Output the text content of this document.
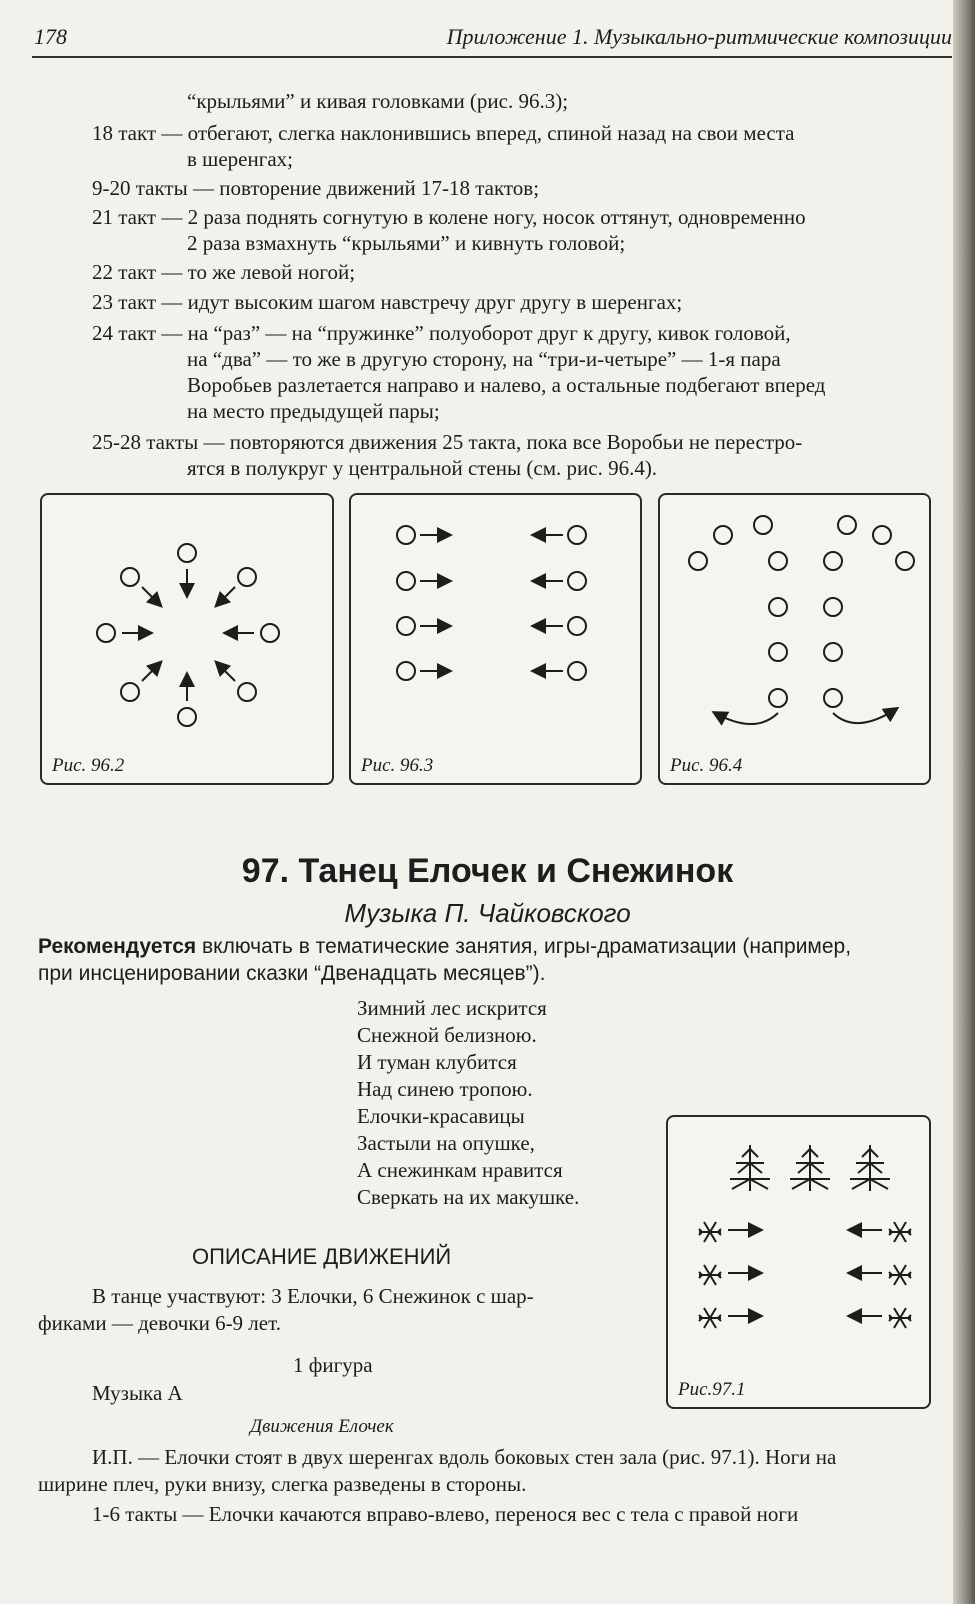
178	Приложение 1. Музыкально-ритмические композиции
“крыльями” и кивая головками (рис. 96.3);
18 такт — отбегают, слегка наклонившись вперед, спиной назад на свои места
в шеренгах;
9-20 такты — повторение движений 17-18 тактов;
21 такт — 2 раза поднять согнутую в колене ногу, носок оттянут, одновременно
2 раза взмахнуть “крыльями” и кивнуть головой;
22 такт — то же левой ногой;
23 такт — идут высоким шагом навстречу друг другу в шеренгах;
24 такт — на “раз” — на “пружинке” полуоборот друг к другу, кивок головой,
на “два” — то же в другую сторону, на “три-и-четыре” — 1-я пара
Воробьев разлетается направо и налево, а остальные подбегают вперед
на место предыдущей пары;
25-28 такты — повторяются движения 25 такта, пока все Воробьи не перестро-
ятся в полукруг у центральной стены (см. рис. 96.4).
Рис. 96.2	Рис. 96.3	Рис. 96.4
97. Танец Елочек и Снежинок
Музыка П. Чайковского
Рекомендуется включать в тематические занятия, игры-драматизации (например,
при инсценировании сказки “Двенадцать месяцев”).
Зимний лес искрится
Снежной белизною.
И туман клубится
Над синею тропою.
Елочки-красавицы
Застыли на опушке,
А снежинкам нравится
Сверкать на их макушке.
Рис.97.1
ОПИСАНИЕ ДВИЖЕНИЙ
В танце участвуют: 3 Елочки, 6 Снежинок с шар-
фиками — девочки 6-9 лет.
1 фигура
Музыка А
Движения Елочек
И.П. — Елочки стоят в двух шеренгах вдоль боковых стен зала (рис. 97.1). Ноги на
ширине плеч, руки внизу, слегка разведены в стороны.
1-6 такты — Елочки качаются вправо-влево, перенося вес с тела с правой ноги
